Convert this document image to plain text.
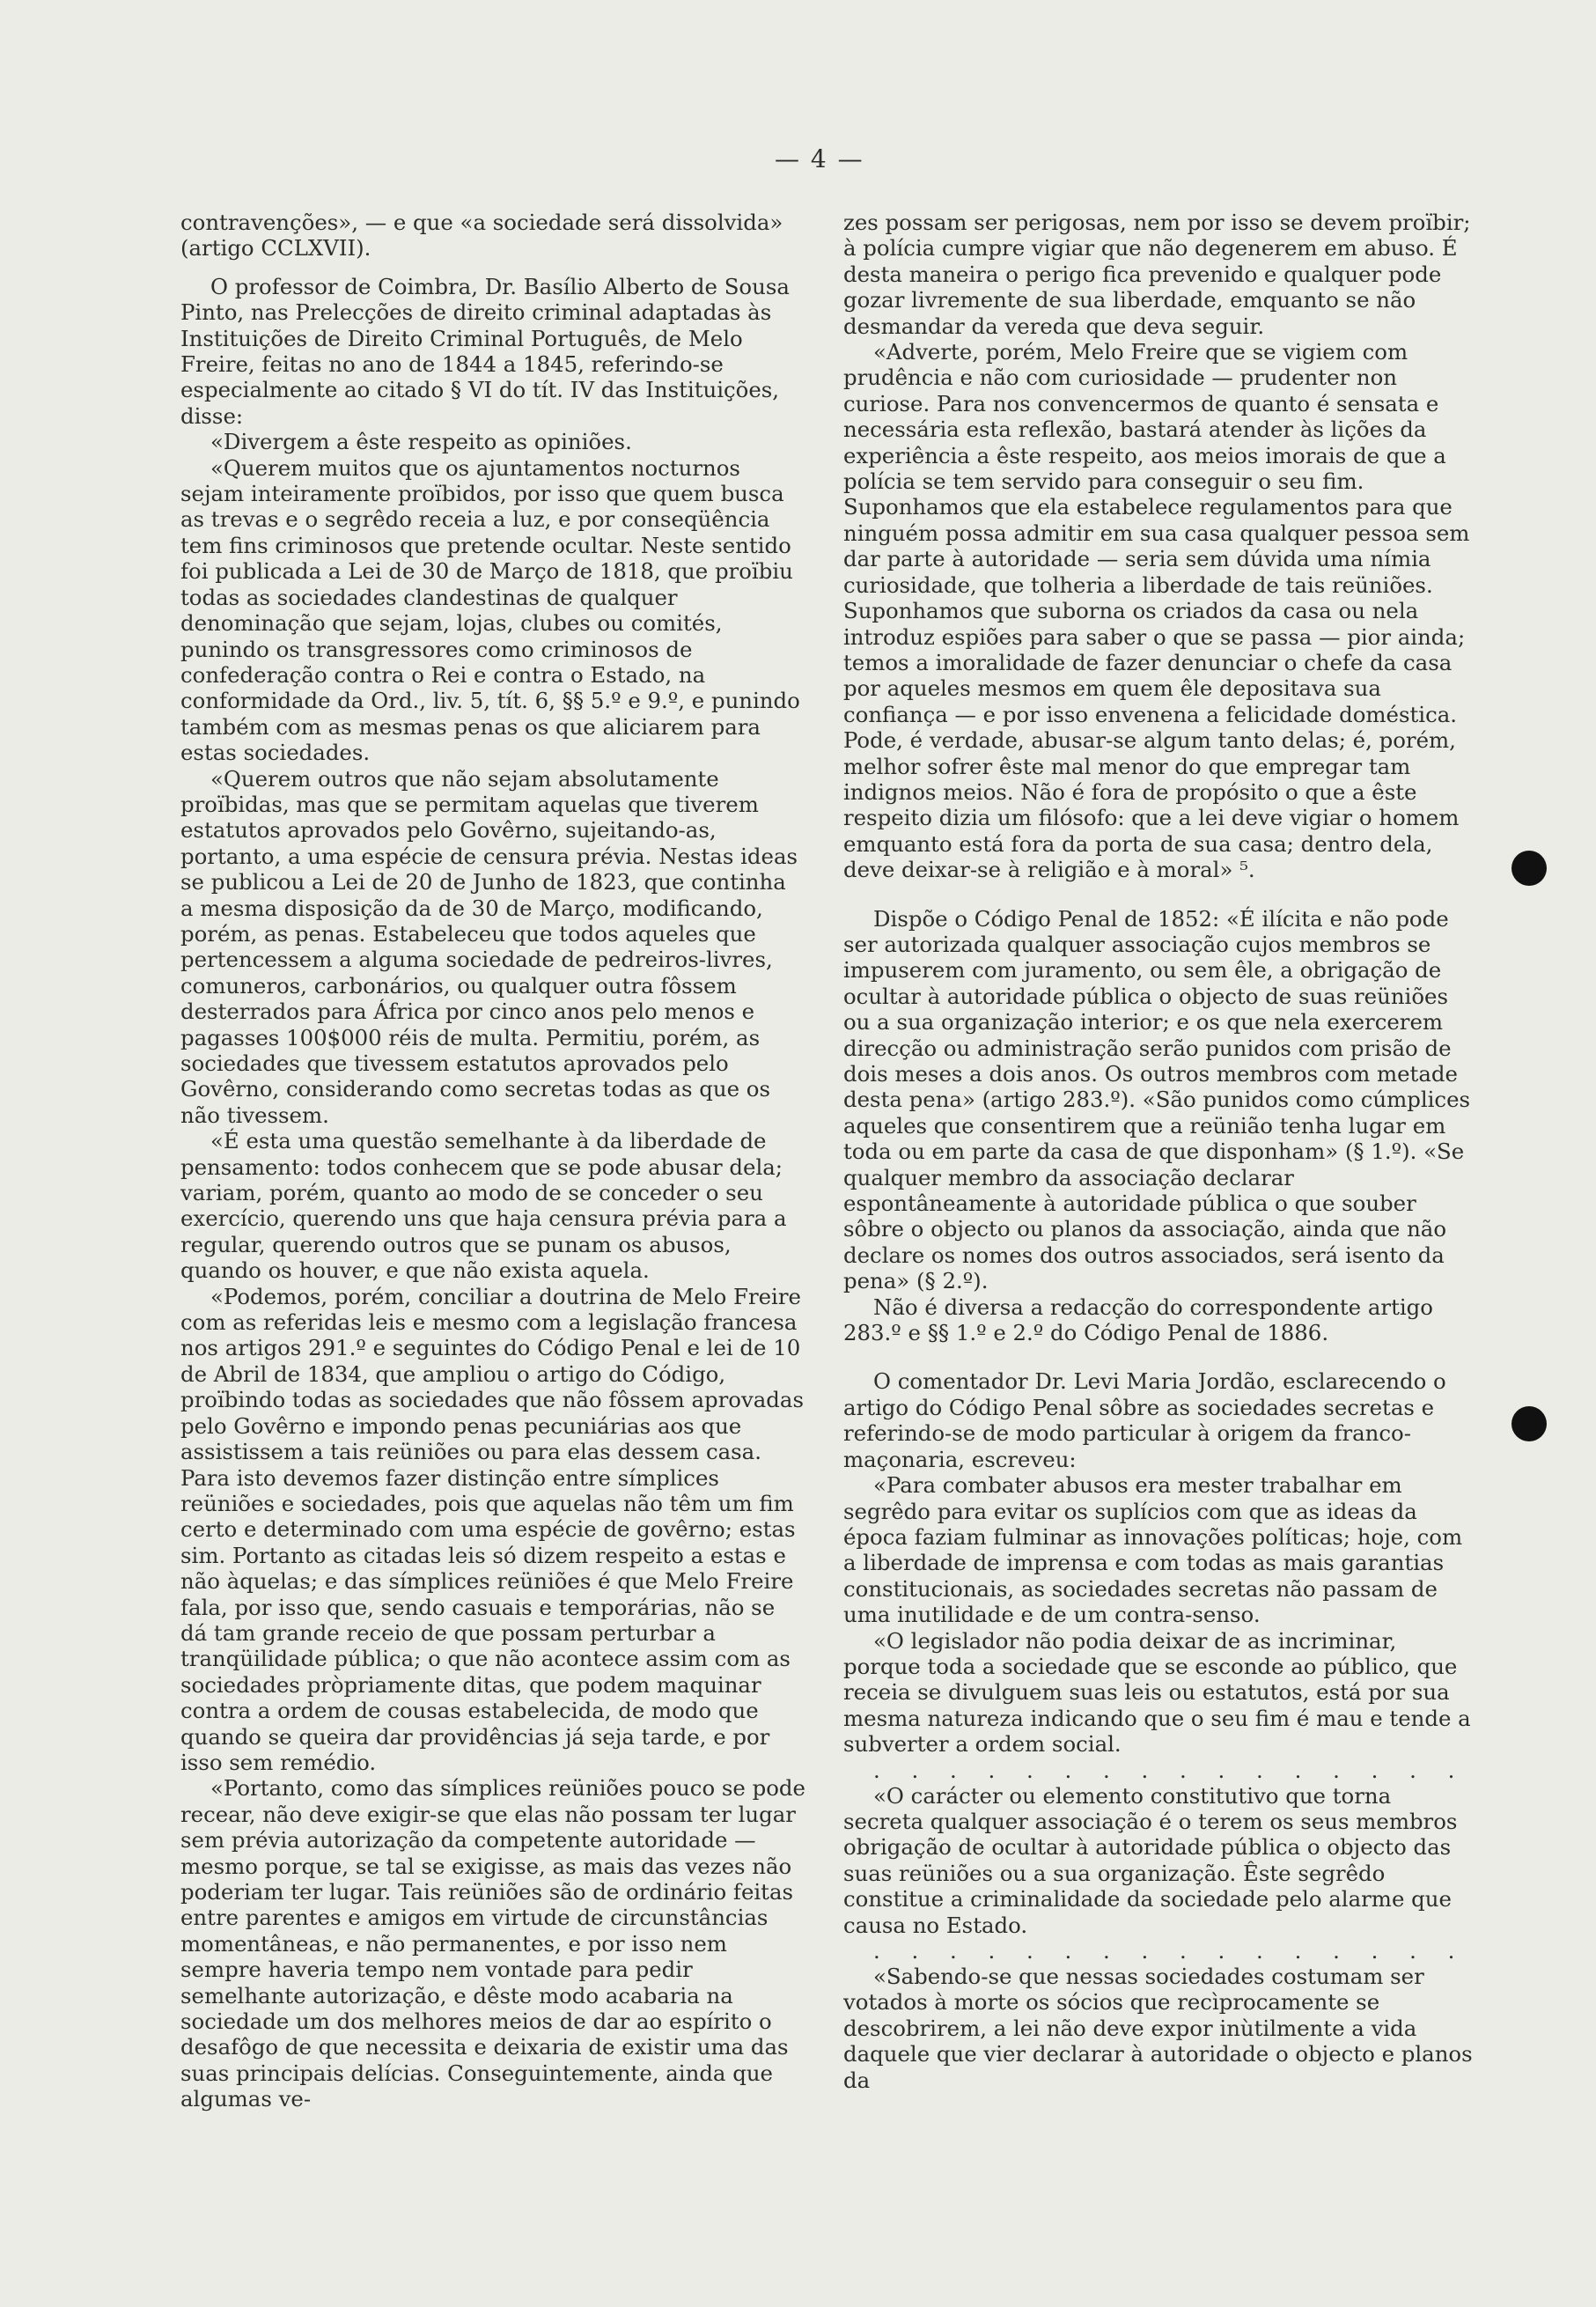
— 4 —

contravenções», — e que «a sociedade será dissolvida» (artigo CCLXVII).

O professor de Coimbra, Dr. Basílio Alberto de Sousa Pinto, nas Prelecções de direito criminal adaptadas às Instituições de Direito Criminal Português, de Melo Freire, feitas no ano de 1844 a 1845, referindo-se especialmente ao citado § VI do tít. IV das Instituições, disse:

«Divergem a êste respeito as opiniões.

«Querem muitos que os ajuntamentos nocturnos sejam inteiramente proïbidos, por isso que quem busca as trevas e o segrêdo receia a luz, e por conseqüência tem fins criminosos que pretende ocultar. Neste sentido foi publicada a Lei de 30 de Março de 1818, que proïbiu todas as sociedades clandestinas de qualquer denominação que sejam, lojas, clubes ou comités, punindo os transgressores como criminosos de confederação contra o Rei e contra o Estado, na conformidade da Ord., liv. 5, tít. 6, §§ 5.º e 9.º, e punindo também com as mesmas penas os que aliciarem para estas sociedades.

«Querem outros que não sejam absolutamente proïbidas, mas que se permitam aquelas que tiverem estatutos aprovados pelo Govêrno, sujeitando-as, portanto, a uma espécie de censura prévia. Nestas ideas se publicou a Lei de 20 de Junho de 1823, que continha a mesma disposição da de 30 de Março, modificando, porém, as penas. Estabeleceu que todos aqueles que pertencessem a alguma sociedade de pedreiros-livres, comuneros, carbonários, ou qualquer outra fôssem desterrados para África por cinco anos pelo menos e pagasses 100$000 réis de multa. Permitiu, porém, as sociedades que tivessem estatutos aprovados pelo Govêrno, considerando como secretas todas as que os não tivessem.

«É esta uma questão semelhante à da liberdade de pensamento: todos conhecem que se pode abusar dela; variam, porém, quanto ao modo de se conceder o seu exercício, querendo uns que haja censura prévia para a regular, querendo outros que se punam os abusos, quando os houver, e que não exista aquela.

«Podemos, porém, conciliar a doutrina de Melo Freire com as referidas leis e mesmo com a legislação francesa nos artigos 291.º e seguintes do Código Penal e lei de 10 de Abril de 1834, que ampliou o artigo do Código, proïbindo todas as sociedades que não fôssem aprovadas pelo Govêrno e impondo penas pecuniárias aos que assistissem a tais reüniões ou para elas dessem casa. Para isto devemos fazer distinção entre símplices reüniões e sociedades, pois que aquelas não têm um fim certo e determinado com uma espécie de govêrno; estas sim. Portanto as citadas leis só dizem respeito a estas e não àquelas; e das símplices reüniões é que Melo Freire fala, por isso que, sendo casuais e temporárias, não se dá tam grande receio de que possam perturbar a tranqüilidade pública; o que não acontece assim com as sociedades pròpriamente ditas, que podem maquinar contra a ordem de cousas estabelecida, de modo que quando se queira dar providências já seja tarde, e por isso sem remédio.

«Portanto, como das símplices reüniões pouco se pode recear, não deve exigir-se que elas não possam ter lugar sem prévia autorização da competente autoridade — mesmo porque, se tal se exigisse, as mais das vezes não poderiam ter lugar. Tais reüniões são de ordinário feitas entre parentes e amigos em virtude de circunstâncias momentâneas, e não permanentes, e por isso nem sempre haveria tempo nem vontade para pedir semelhante autorização, e dêste modo acabaria na sociedade um dos melhores meios de dar ao espírito o desafôgo de que necessita e deixaria de existir uma das suas principais delícias. Conseguintemente, ainda que algumas ve-

zes possam ser perigosas, nem por isso se devem proïbir; à polícia cumpre vigiar que não degenerem em abuso. É desta maneira o perigo fica prevenido e qualquer pode gozar livremente de sua liberdade, emquanto se não desmandar da vereda que deva seguir.

«Adverte, porém, Melo Freire que se vigiem com prudência e não com curiosidade — prudenter non curiose. Para nos convencermos de quanto é sensata e necessária esta reflexão, bastará atender às lições da experiência a êste respeito, aos meios imorais de que a polícia se tem servido para conseguir o seu fim. Suponhamos que ela estabelece regulamentos para que ninguém possa admitir em sua casa qualquer pessoa sem dar parte à autoridade — seria sem dúvida uma nímia curiosidade, que tolheria a liberdade de tais reüniões. Suponhamos que suborna os criados da casa ou nela introduz espiões para saber o que se passa — pior ainda; temos a imoralidade de fazer denunciar o chefe da casa por aqueles mesmos em quem êle depositava sua confiança — e por isso envenena a felicidade doméstica. Pode, é verdade, abusar-se algum tanto delas; é, porém, melhor sofrer êste mal menor do que empregar tam indignos meios. Não é fora de propósito o que a êste respeito dizia um filósofo: que a lei deve vigiar o homem emquanto está fora da porta de sua casa; dentro dela, deve deixar-se à religião e à moral» ⁵.

Dispõe o Código Penal de 1852: «É ilícita e não pode ser autorizada qualquer associação cujos membros se impuserem com juramento, ou sem êle, a obrigação de ocultar à autoridade pública o objecto de suas reüniões ou a sua organização interior; e os que nela exercerem direcção ou administração serão punidos com prisão de dois meses a dois anos. Os outros membros com metade desta pena» (artigo 283.º). «São punidos como cúmplices aqueles que consentirem que a reünião tenha lugar em toda ou em parte da casa de que disponham» (§ 1.º). «Se qualquer membro da associação declarar espontâneamente à autoridade pública o que souber sôbre o objecto ou planos da associação, ainda que não declare os nomes dos outros associados, será isento da pena» (§ 2.º).

Não é diversa a redacção do correspondente artigo 283.º e §§ 1.º e 2.º do Código Penal de 1886.

O comentador Dr. Levi Maria Jordão, esclarecendo o artigo do Código Penal sôbre as sociedades secretas e referindo-se de modo particular à origem da franco-maçonaria, escreveu:

«Para combater abusos era mester trabalhar em segrêdo para evitar os suplícios com que as ideas da época faziam fulminar as innovações políticas; hoje, com a liberdade de imprensa e com todas as mais garantias constitucionais, as sociedades secretas não passam de uma inutilidade e de um contra-senso.

«O legislador não podia deixar de as incriminar, porque toda a sociedade que se esconde ao público, que receia se divulguem suas leis ou estatutos, está por sua mesma natureza indicando que o seu fim é mau e tende a subverter a ordem social.

. . . . . . . . . . . . . . . .

«O carácter ou elemento constitutivo que torna secreta qualquer associação é o terem os seus membros obrigação de ocultar à autoridade pública o objecto das suas reüniões ou a sua organização. Êste segrêdo constitue a criminalidade da sociedade pelo alarme que causa no Estado.

. . . . . . . . . . . . . . . .

«Sabendo-se que nessas sociedades costumam ser votados à morte os sócios que recìprocamente se descobrirem, a lei não deve expor inùtilmente a vida daquele que vier declarar à autoridade o objecto e planos da
